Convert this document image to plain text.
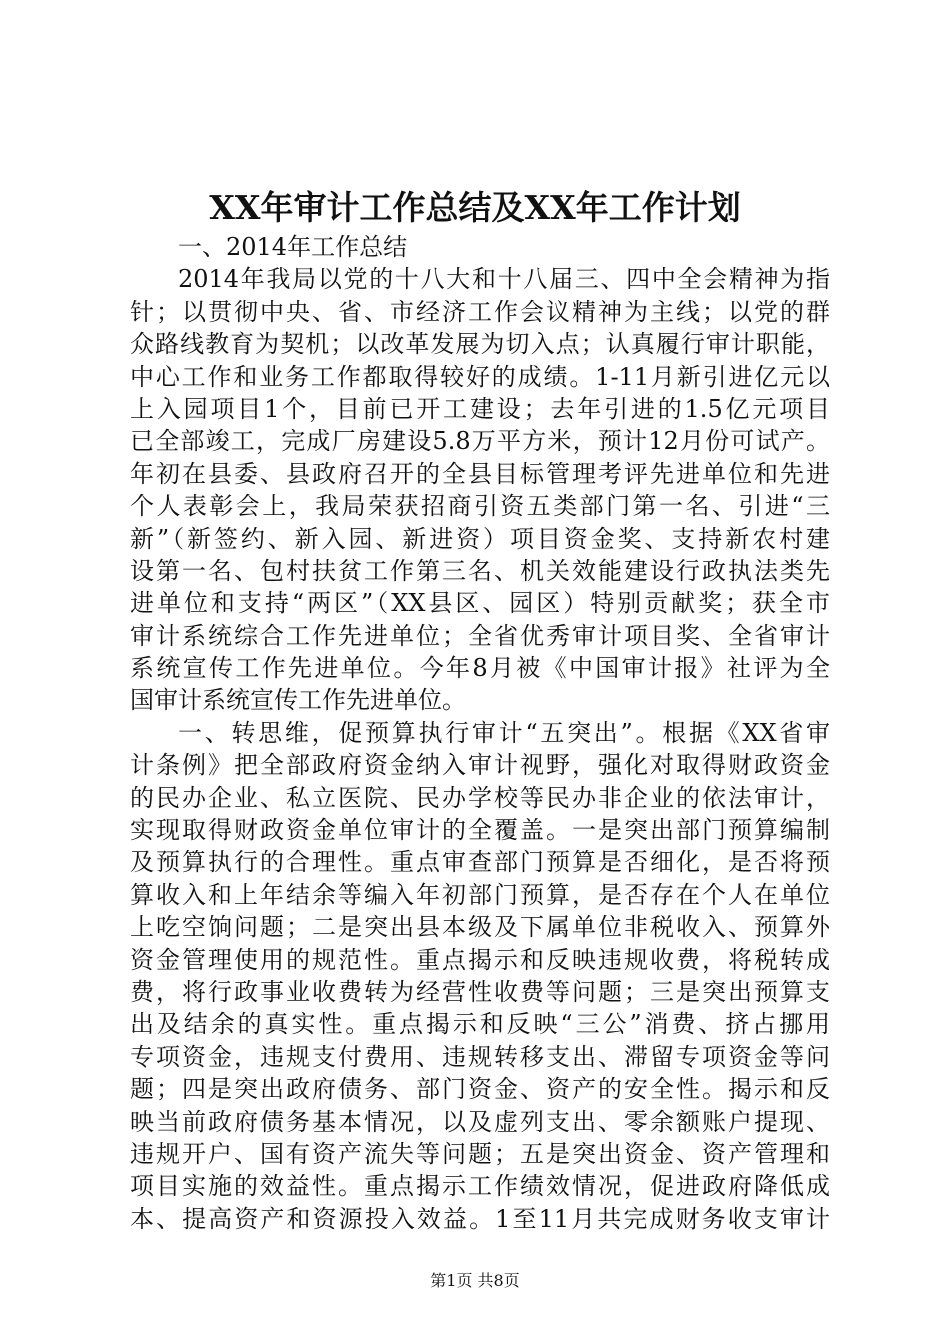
XX年审计工作总结及XX年工作计划
一、2014年工作总结
2014年我局以党的十八大和十八届三、四中全会精神为指
针；以贯彻中央、省、市经济工作会议精神为主线；以党的群
众路线教育为契机；以改革发展为切入点；认真履行审计职能，
中心工作和业务工作都取得较好的成绩。1-11月新引进亿元以
上入园项目1个，目前已开工建设；去年引进的1.5亿元项目
已全部竣工，完成厂房建设5.8万平方米，预计12月份可试产。
年初在县委、县政府召开的全县目标管理考评先进单位和先进
个人表彰会上，我局荣获招商引资五类部门第一名、引进“三
新”（新签约、新入园、新进资）项目资金奖、支持新农村建
设第一名、包村扶贫工作第三名、机关效能建设行政执法类先
进单位和支持“两区”（XX县区、园区）特别贡献奖；获全市
审计系统综合工作先进单位；全省优秀审计项目奖、全省审计
系统宣传工作先进单位。今年8月被《中国审计报》社评为全
国审计系统宣传工作先进单位。
一、转思维，促预算执行审计“五突出”。根据《XX省审
计条例》把全部政府资金纳入审计视野，强化对取得财政资金
的民办企业、私立医院、民办学校等民办非企业的依法审计，
实现取得财政资金单位审计的全覆盖。一是突出部门预算编制
及预算执行的合理性。重点审查部门预算是否细化，是否将预
算收入和上年结余等编入年初部门预算，是否存在个人在单位
上吃空饷问题；二是突出县本级及下属单位非税收入、预算外
资金管理使用的规范性。重点揭示和反映违规收费，将税转成
费，将行政事业收费转为经营性收费等问题；三是突出预算支
出及结余的真实性。重点揭示和反映“三公”消费、挤占挪用
专项资金，违规支付费用、违规转移支出、滞留专项资金等问
题；四是突出政府债务、部门资金、资产的安全性。揭示和反
映当前政府债务基本情况，以及虚列支出、零余额账户提现、
违规开户、国有资产流失等问题；五是突出资金、资产管理和
项目实施的效益性。重点揭示工作绩效情况，促进政府降低成
本、提高资产和资源投入效益。1至11月共完成财务收支审计
第1页 共8页
